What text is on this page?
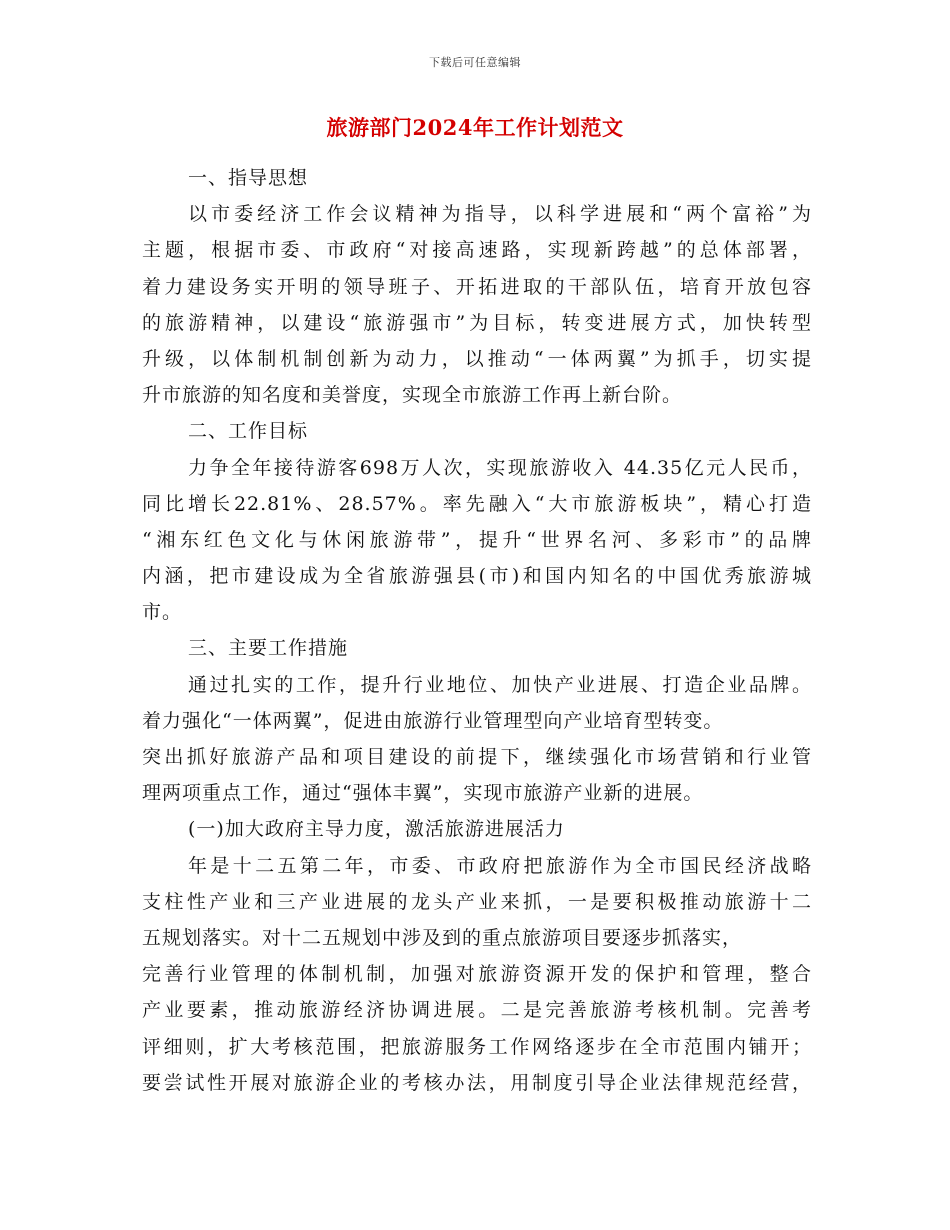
下载后可任意编辑
旅游部门2024年工作计划范文
一、指导思想
以市委经济工作会议精神为指导，以科学进展和“两个富裕”为
主题，根据市委、市政府“对接高速路，实现新跨越”的总体部署，
着力建设务实开明的领导班子、开拓进取的干部队伍，培育开放包容
的旅游精神，以建设“旅游强市”为目标，转变进展方式，加快转型
升级，以体制机制创新为动力，以推动“一体两翼”为抓手，切实提
升市旅游的知名度和美誉度，实现全市旅游工作再上新台阶。
二、工作目标
力争全年接待游客698万人次，实现旅游收入 44.35亿元人民币，
同比增长22.81%、28.57%。率先融入“大市旅游板块”，精心打造
“湘东红色文化与休闲旅游带”，提升“世界名河、多彩市”的品牌
内涵，把市建设成为全省旅游强县(市)和国内知名的中国优秀旅游城
市。
三、主要工作措施
通过扎实的工作，提升行业地位、加快产业进展、打造企业品牌。
着力强化“一体两翼”，促进由旅游行业管理型向产业培育型转变。
突出抓好旅游产品和项目建设的前提下，继续强化市场营销和行业管
理两项重点工作，通过“强体丰翼”，实现市旅游产业新的进展。
(一)加大政府主导力度，激活旅游进展活力
年是十二五第二年，市委、市政府把旅游作为全市国民经济战略
支柱性产业和三产业进展的龙头产业来抓，一是要积极推动旅游十二
五规划落实。对十二五规划中涉及到的重点旅游项目要逐步抓落实，
完善行业管理的体制机制，加强对旅游资源开发的保护和管理，整合
产业要素，推动旅游经济协调进展。二是完善旅游考核机制。完善考
评细则，扩大考核范围，把旅游服务工作网络逐步在全市范围内铺开；
要尝试性开展对旅游企业的考核办法，用制度引导企业法律规范经营，
